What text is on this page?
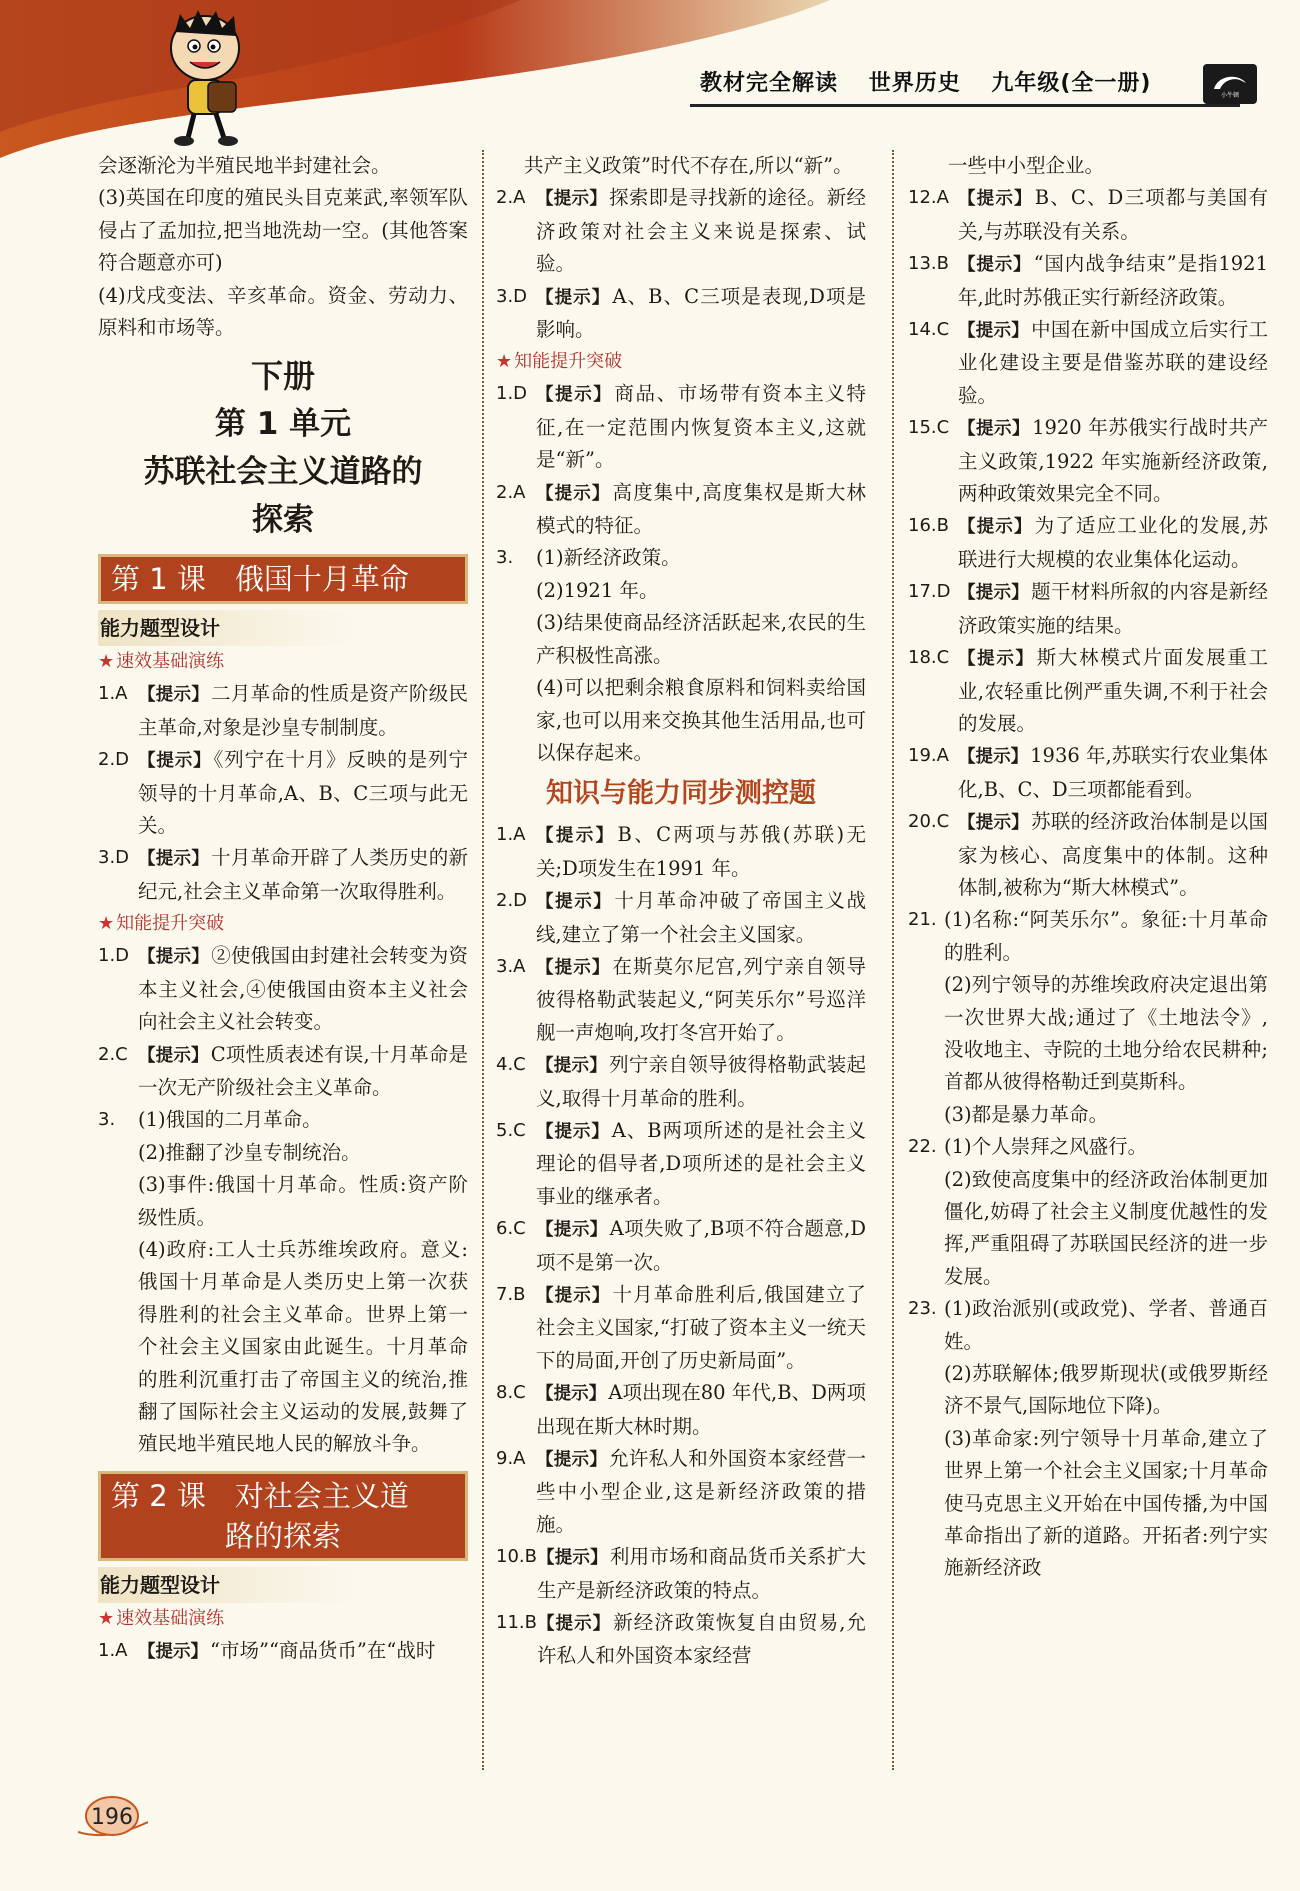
教材完全解读 世界历史 九年级(全一册)	小牛顿

会逐渐沦为半殖民地半封建社会。

(3)英国在印度的殖民头目克莱武,率领军队侵占了孟加拉,把当地洗劫一空。(其他答案符合题意亦可)

(4)戊戌变法、辛亥革命。资金、劳动力、原料和市场等。

下册
第 1 单元
苏联社会主义道路的
探索
第 1 课　俄国十月革命
能力题型设计
★ 速效基础演练
1.A 【提示】 二月革命的性质是资产阶级民主革命,对象是沙皇专制制度。
2.D 【提示】 《列宁在十月》反映的是列宁领导的十月革命,A、B、C三项与此无关。
3.D 【提示】 十月革命开辟了人类历史的新纪元,社会主义革命第一次取得胜利。
★ 知能提升突破
1.D 【提示】 ②使俄国由封建社会转变为资本主义社会,④使俄国由资本主义社会向社会主义社会转变。
2.C 【提示】 C项性质表述有误,十月革命是一次无产阶级社会主义革命。
3.	(1)俄国的二月革命。
(2)推翻了沙皇专制统治。
(3)事件:俄国十月革命。性质:资产阶级性质。
(4)政府:工人士兵苏维埃政府。意义:俄国十月革命是人类历史上第一次获得胜利的社会主义革命。世界上第一个社会主义国家由此诞生。十月革命的胜利沉重打击了帝国主义的统治,推翻了国际社会主义运动的发展,鼓舞了殖民地半殖民地人民的解放斗争。
第 2 课　对社会主义道
路的探索
能力题型设计
★ 速效基础演练
1.A 【提示】 “市场”“商品货币”在“战时

共产主义政策”时代不存在,所以“新”。

2.A 【提示】 探索即是寻找新的途径。新经济政策对社会主义来说是探索、试验。
3.D 【提示】 A、B、C三项是表现,D项是影响。
★ 知能提升突破
1.D 【提示】 商品、市场带有资本主义特征,在一定范围内恢复资本主义,这就是“新”。
2.A 【提示】 高度集中,高度集权是斯大林模式的特征。
3.	(1)新经济政策。
(2)1921 年。
(3)结果使商品经济活跃起来,农民的生产积极性高涨。
(4)可以把剩余粮食原料和饲料卖给国家,也可以用来交换其他生活用品,也可以保存起来。
知识与能力同步测控题
1.A 【提示】 B、C两项与苏俄(苏联)无关;D项发生在1991 年。
2.D 【提示】 十月革命冲破了帝国主义战线,建立了第一个社会主义国家。
3.A 【提示】 在斯莫尔尼宫,列宁亲自领导彼得格勒武装起义,“阿芙乐尔”号巡洋舰一声炮响,攻打冬宫开始了。
4.C 【提示】 列宁亲自领导彼得格勒武装起义,取得十月革命的胜利。
5.C 【提示】 A、B两项所述的是社会主义理论的倡导者,D项所述的是社会主义事业的继承者。
6.C 【提示】 A项失败了,B项不符合题意,D项不是第一次。
7.B 【提示】 十月革命胜利后,俄国建立了社会主义国家,“打破了资本主义一统天下的局面,开创了历史新局面”。
8.C 【提示】 A项出现在80 年代,B、D两项出现在斯大林时期。
9.A 【提示】 允许私人和外国资本家经营一些中小型企业,这是新经济政策的措施。
10.B 【提示】 利用市场和商品货币关系扩大生产是新经济政策的特点。
11.B 【提示】 新经济政策恢复自由贸易,允许私人和外国资本家经营

一些中小型企业。

12.A 【提示】 B、C、D三项都与美国有关,与苏联没有关系。
13.B 【提示】 “国内战争结束”是指1921 年,此时苏俄正实行新经济政策。
14.C 【提示】 中国在新中国成立后实行工业化建设主要是借鉴苏联的建设经验。
15.C 【提示】 1920 年苏俄实行战时共产主义政策,1922 年实施新经济政策,两种政策效果完全不同。
16.B 【提示】 为了适应工业化的发展,苏联进行大规模的农业集体化运动。
17.D 【提示】 题干材料所叙的内容是新经济政策实施的结果。
18.C 【提示】 斯大林模式片面发展重工业,农轻重比例严重失调,不利于社会的发展。
19.A 【提示】 1936 年,苏联实行农业集体化,B、C、D三项都能看到。
20.C 【提示】 苏联的经济政治体制是以国家为核心、高度集中的体制。这种体制,被称为“斯大林模式”。
21. (1)名称:“阿芙乐尔”。象征:十月革命的胜利。
(2)列宁领导的苏维埃政府决定退出第一次世界大战;通过了《土地法令》,没收地主、寺院的土地分给农民耕种;首都从彼得格勒迁到莫斯科。
(3)都是暴力革命。
22. (1)个人崇拜之风盛行。
(2)致使高度集中的经济政治体制更加僵化,妨碍了社会主义制度优越性的发挥,严重阻碍了苏联国民经济的进一步发展。
23. (1)政治派别(或政党)、学者、普通百姓。
(2)苏联解体;俄罗斯现状(或俄罗斯经济不景气,国际地位下降)。
(3)革命家:列宁领导十月革命,建立了世界上第一个社会主义国家;十月革命使马克思主义开始在中国传播,为中国革命指出了新的道路。开拓者:列宁实施新经济政
196
